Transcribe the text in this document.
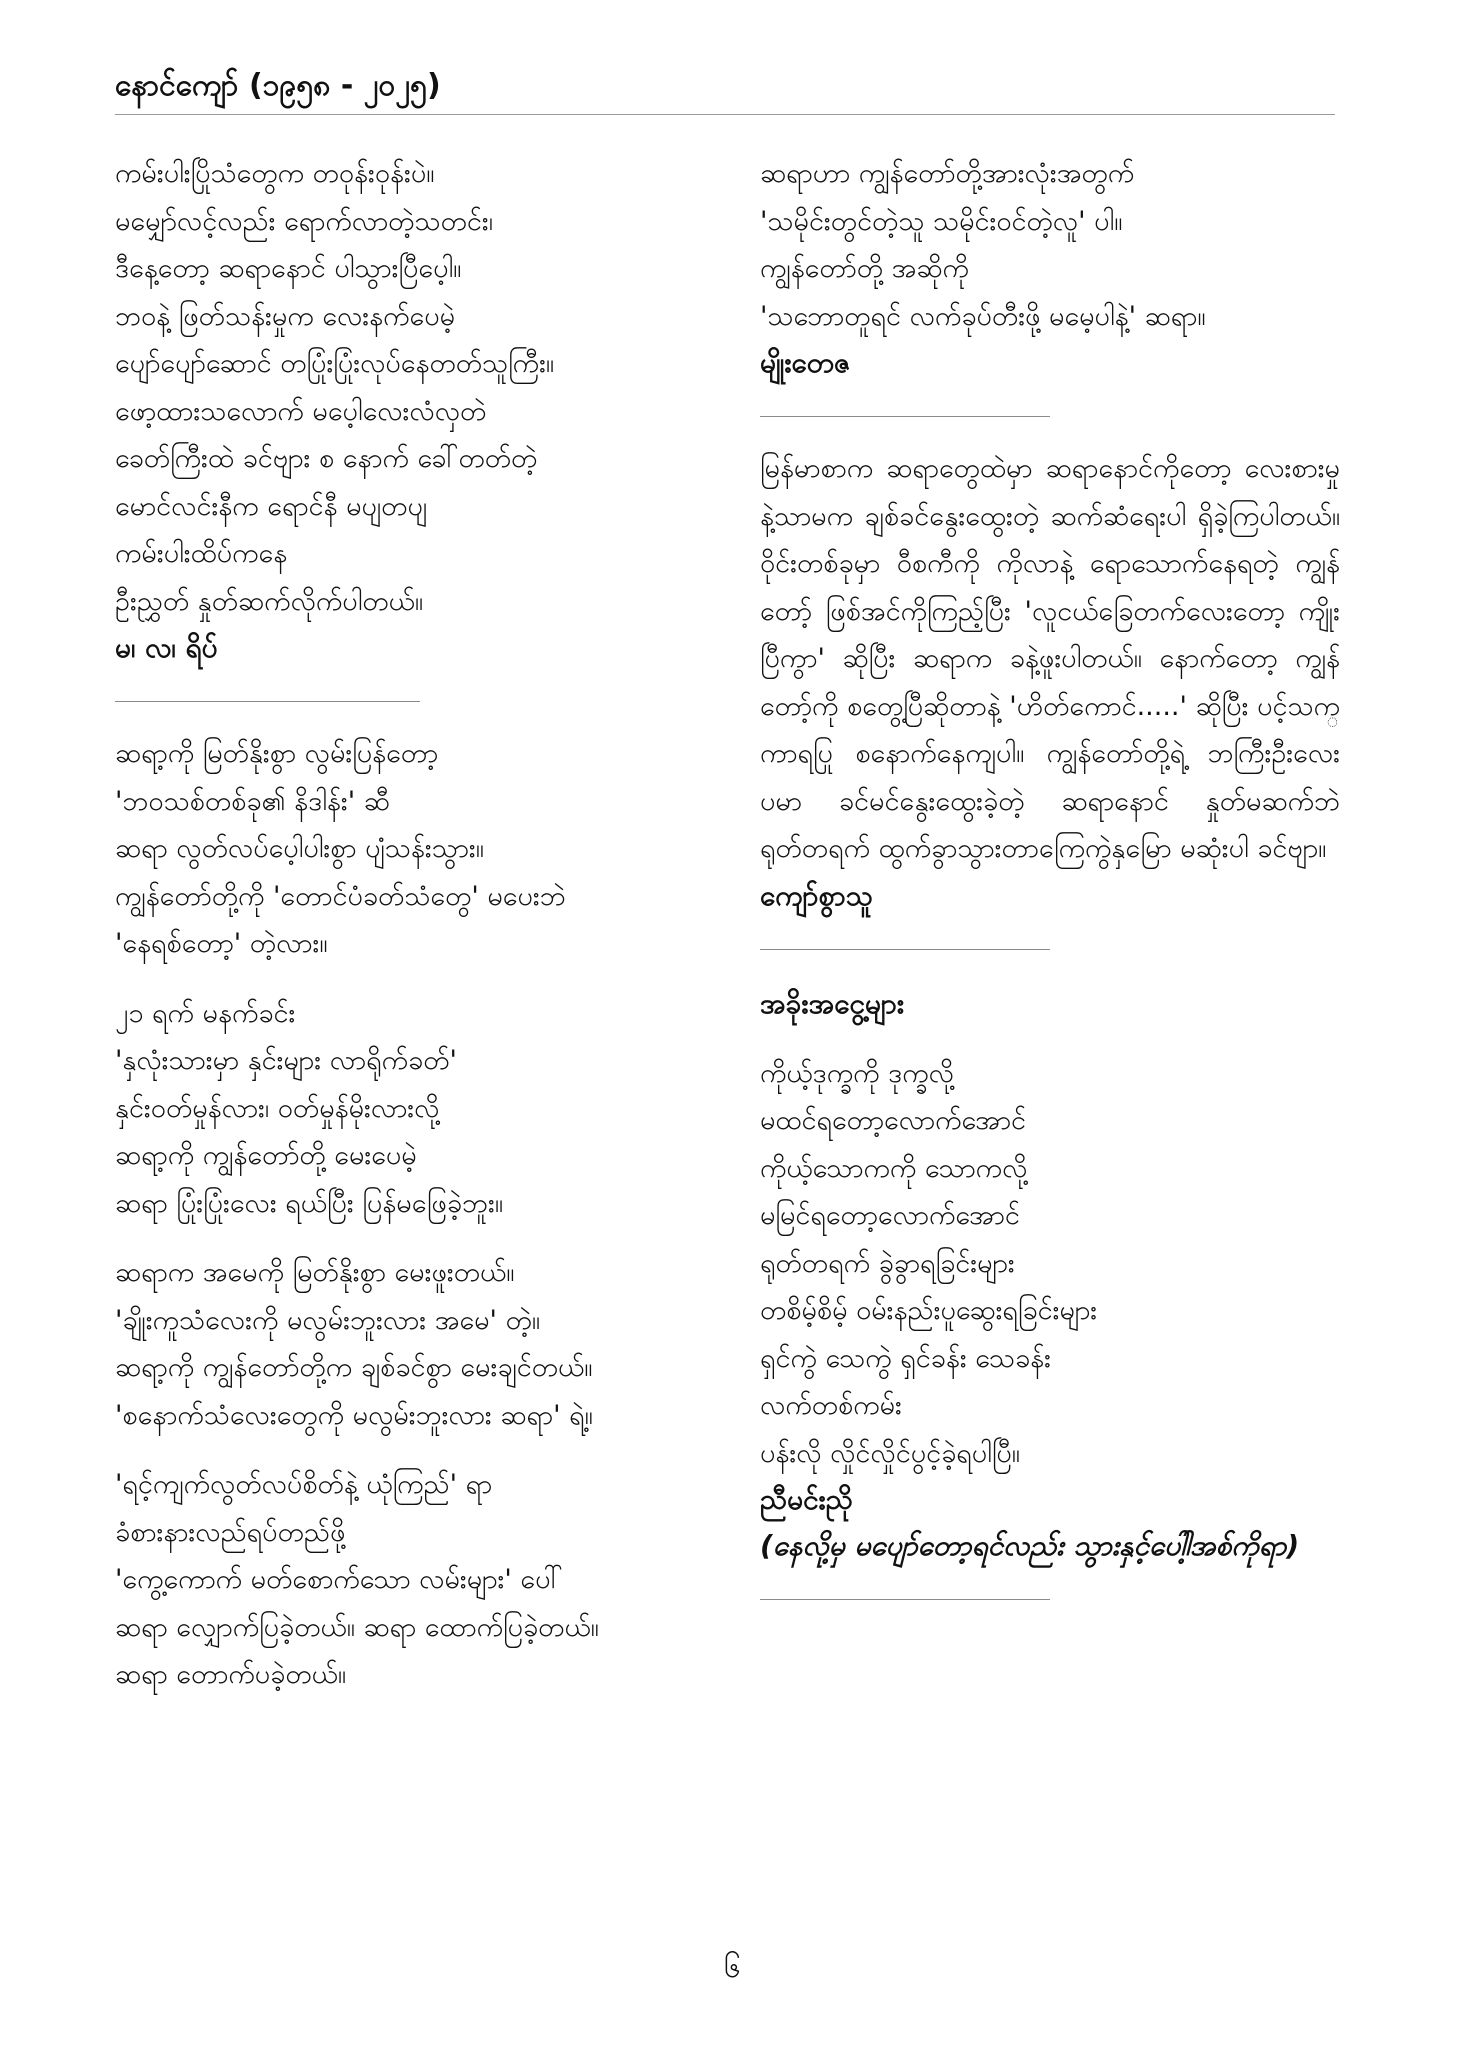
နောင်ကျော် (၁၉၅၈ - ၂၀၂၅)
ကမ်းပါးပြိုသံတွေက တဝုန်းဝုန်းပဲ။
မမျှော်လင့်လည်း ရောက်လာတဲ့သတင်း၊
ဒီနေ့တော့ ဆရာနောင် ပါသွားပြီပေ့ါ။
ဘဝနဲ့ ဖြတ်သန်းမှုက လေးနက်ပေမဲ့
ပျော်ပျော်ဆောင် တပြုံးပြုံးလုပ်နေတတ်သူကြီး။
ဖော့ထားသလောက် မပေ့ါလေးလံလှတဲ
ခေတ်ကြီးထဲ ခင်ဗျား စ နောက် ခေါ်တတ်တဲ့
မောင်လင်းနီက ရောင်နီ မပျတပျ
ကမ်းပါးထိပ်ကနေ
ဦးညွှတ် နှုတ်ဆက်လိုက်ပါတယ်။
မ၊ လ၊ ရိပ်
ဆရာ့ကို မြတ်နိုးစွာ လွမ်းပြန်တော့
'ဘဝသစ်တစ်ခု၏ နိဒါန်း' ဆီ
ဆရာ လွတ်လပ်ပေ့ါပါးစွာ ပျံသန်းသွား။
ကျွန်တော်တို့ကို 'တောင်ပံခတ်သံတွေ' မပေးဘဲ
'နေရစ်တော့' တဲ့လား။
၂၁ ရက် မနက်ခင်း
'နှလုံးသားမှာ နှင်းများ လာရိုက်ခတ်'
နှင်းဝတ်မှုန်လား၊ ဝတ်မှုန်မိုးလားလို့
ဆရာ့ကို ကျွန်တော်တို့ မေးပေမဲ့
ဆရာ ပြုံးပြုံးလေး ရယ်ပြီး ပြန်မဖြေခဲ့ဘူး။
ဆရာက အမေကို မြတ်နိုးစွာ မေးဖူးတယ်။
'ချိုးကူသံလေးကို မလွမ်းဘူးလား အမေ' တဲ့။
ဆရာ့ကို ကျွန်တော်တို့က ချစ်ခင်စွာ မေးချင်တယ်။
'စနောက်သံလေးတွေကို မလွမ်းဘူးလား ဆရာ' ရဲ့။
'ရင့်ကျက်လွတ်လပ်စိတ်နဲ့ ယုံကြည်' ရာ
ခံစားနားလည်ရပ်တည်ဖို့
'ကွေ့ကောက် မတ်စောက်သော လမ်းများ' ပေါ်
ဆရာ လျှောက်ပြခဲ့တယ်။ ဆရာ ထောက်ပြခဲ့တယ်။
ဆရာ တောက်ပခဲ့တယ်။
ဆရာဟာ ကျွန်တော်တို့အားလုံးအတွက်
'သမိုင်းတွင်တဲ့သူ သမိုင်းဝင်တဲ့လူ' ပါ။
ကျွန်တော်တို့ အဆိုကို
'သဘောတူရင် လက်ခုပ်တီးဖို့ မမေ့ပါနဲ့' ဆရာ။
မျိုးတေဇ

မြန်မာစာက ဆရာတွေထဲမှာ ဆရာနောင်ကိုတော့ လေးစားမှုနဲ့သာမက ချစ်ခင်နွေးထွေးတဲ့ ဆက်ဆံရေးပါ ရှိခဲ့ကြပါတယ်။ ဝိုင်းတစ်ခုမှာ ဝီစကီကို ကိုလာနဲ့ ရောသောက်နေရတဲ့ ကျွန်တော့် ဖြစ်အင်ကိုကြည့်ပြီး 'လူငယ်ခြေတက်လေးတော့ ကျိုးပြီကွာ' ဆိုပြီး ဆရာက ခနဲ့ဖူးပါတယ်။ နောက်တော့ ကျွန်တော့်ကို စတွေ့ပြီဆိုတာနဲ့ 'ဟိတ်ကောင်.....' ဆိုပြီး ပင့်သက္ကာရပြု စနောက်နေကျပါ။ ကျွန်တော်တို့ရဲ့ ဘကြီးဦးလေးပမာ ခင်မင်နွေးထွေးခဲ့တဲ့ ဆရာနောင် နှုတ်မဆက်ဘဲ ရုတ်တရက် ထွက်ခွာသွားတာကြေကွဲနှမြော မဆုံးပါ ခင်ဗျာ။

ကျော်စွာသူ
အခိုးအငွေ့များ
ကိုယ့်ဒုက္ခကို ဒုက္ခလို့
မထင်ရတော့လောက်အောင်
ကိုယ့်သောကကို သောကလို့
မမြင်ရတော့လောက်အောင်
ရုတ်တရက် ခွဲခွာရခြင်းများ
တစိမ့်စိမ့် ဝမ်းနည်းပူဆွေးရခြင်းများ
ရှင်ကွဲ သေကွဲ ရှင်ခန်း သေခန်း
လက်တစ်ကမ်း
ပန်းလို လှိုင်လှိုင်ပွင့်ခဲ့ရပါပြီ။
ညီမင်းညို
(နေလို့မှ မပျော်တော့ရင်လည်း သွားနှင့်ပေါ့ါအစ်ကိုရာ)
၆
